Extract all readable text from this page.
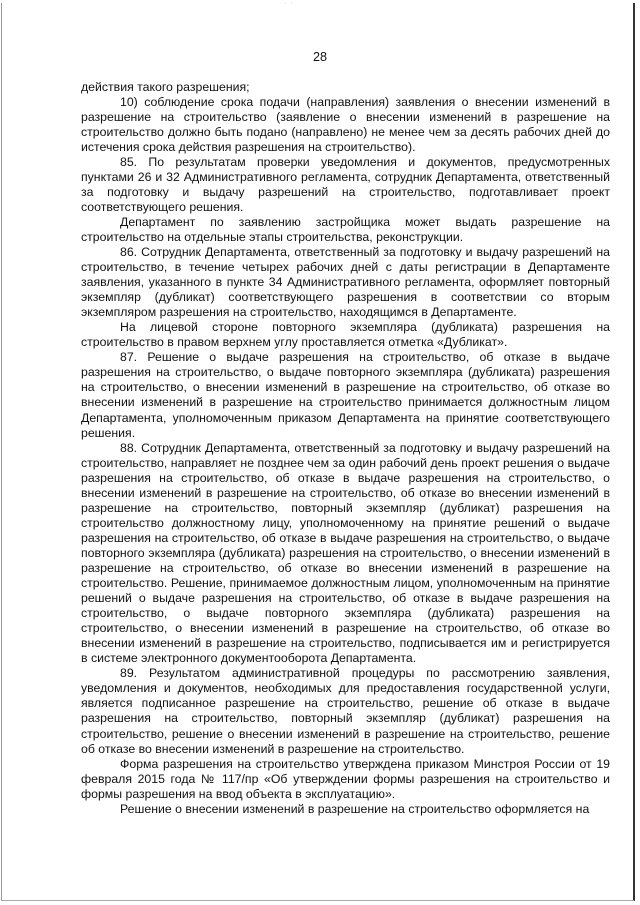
· ·
28

действия такого разрешения;

10) соблюдение срока подачи (направления) заявления о внесении изменений в разрешение на строительство (заявление о внесении изменений в разрешение на строительство должно быть подано (направлено) не менее чем за десять рабочих дней до истечения срока действия разрешения на строительство).

85. По результатам проверки уведомления и документов, предусмотренных пунктами 26 и 32 Административного регламента, сотрудник Департамента, ответственный за подготовку и выдачу разрешений на строительство, подготавливает проект соответствующего решения.

Департамент по заявлению застройщика может выдать разрешение на строительство на отдельные этапы строительства, реконструкции.

86. Сотрудник Департамента, ответственный за подготовку и выдачу разрешений на строительство, в течение четырех рабочих дней с даты регистрации в Департаменте заявления, указанного в пункте 34 Административного регламента, оформляет повторный экземпляр (дубликат) соответствующего разрешения в соответствии со вторым экземпляром разрешения на строительство, находящимся в Департаменте.

На лицевой стороне повторного экземпляра (дубликата) разрешения на строительство в правом верхнем углу проставляется отметка «Дубликат».

87. Решение о выдаче разрешения на строительство, об отказе в выдаче разрешения на строительство, о выдаче повторного экземпляра (дубликата) разрешения на строительство, о внесении изменений в разрешение на строительство, об отказе во внесении изменений в разрешение на строительство принимается должностным лицом Департамента, уполномоченным приказом Департамента на принятие соответствующего решения.

88. Сотрудник Департамента, ответственный за подготовку и выдачу разрешений на строительство, направляет не позднее чем за один рабочий день проект решения о выдаче разрешения на строительство, об отказе в выдаче разрешения на строительство, о внесении изменений в разрешение на строительство, об отказе во внесении изменений в разрешение на строительство, повторный экземпляр (дубликат) разрешения на строительство должностному лицу, уполномоченному на принятие решений о выдаче разрешения на строительство, об отказе в выдаче разрешения на строительство, о выдаче повторного экземпляра (дубликата) разрешения на строительство, о внесении изменений в разрешение на строительство, об отказе во внесении изменений в разрешение на строительство. Решение, принимаемое должностным лицом, уполномоченным на принятие решений о выдаче разрешения на строительство, об отказе в выдаче разрешения на строительство, о выдаче повторного экземпляра (дубликата) разрешения на строительство, о внесении изменений в разрешение на строительство, об отказе во внесении изменений в разрешение на строительство, подписывается им и регистрируется в системе электронного документооборота Департамента.

89. Результатом административной процедуры по рассмотрению заявления, уведомления и документов, необходимых для предоставления государственной услуги, является подписанное разрешение на строительство, решение об отказе в выдаче разрешения на строительство, повторный экземпляр (дубликат) разрешения на строительство, решение о внесении изменений в разрешение на строительство, решение об отказе во внесении изменений в разрешение на строительство.

Форма разрешения на строительство утверждена приказом Минстроя России от 19 февраля 2015 года № 117/пр «Об утверждении формы разрешения на строительство и формы разрешения на ввод объекта в эксплуатацию».

Решение о внесении изменений в разрешение на строительство оформляется на
